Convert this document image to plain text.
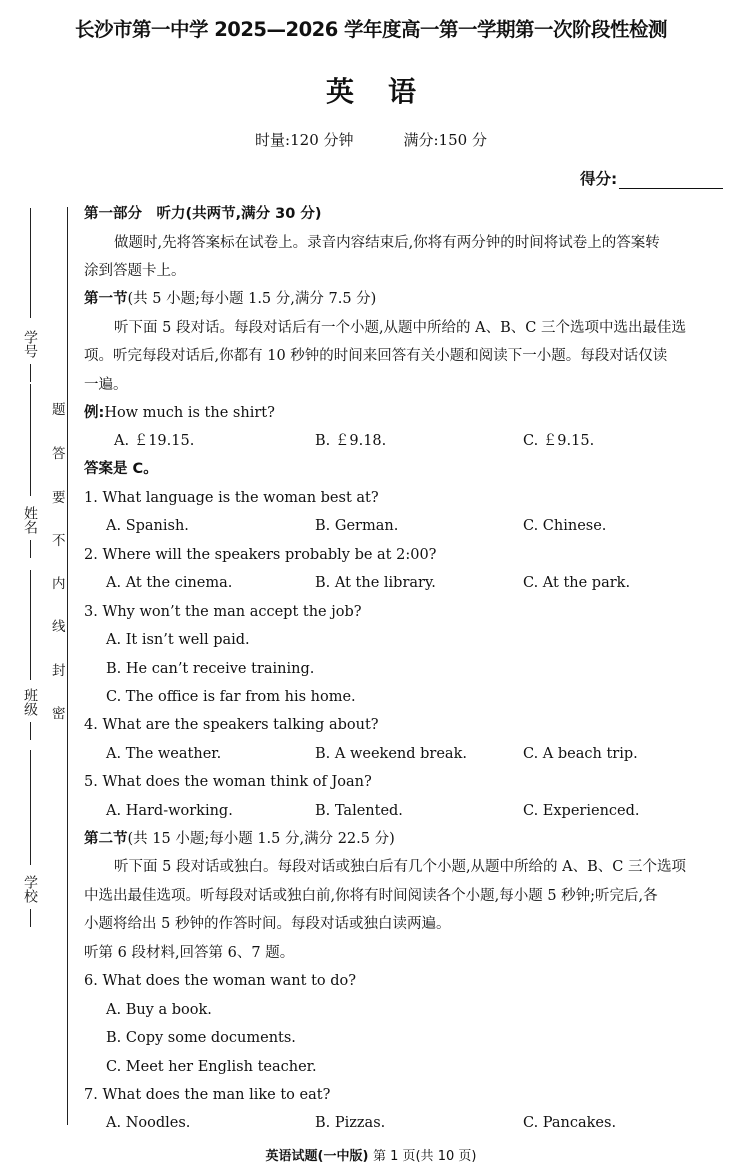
长沙市第一中学 2025—2026 学年度高一第一学期第一次阶段性检测
英语
时量:120 分钟	满分:150 分
得分:
学号
姓名
班级
学校
题
答
要
不
内
线
封
密
第一部分　听力(共两节,满分 30 分)
做题时,先将答案标在试卷上。录音内容结束后,你将有两分钟的时间将试卷上的答案转
涂到答题卡上。
第一节(共 5 小题;每小题 1.5 分,满分 7.5 分)
听下面 5 段对话。每段对话后有一个小题,从题中所给的 A、B、C 三个选项中选出最佳选
项。听完每段对话后,你都有 10 秒钟的时间来回答有关小题和阅读下一小题。每段对话仅读
一遍。
例:How much is the shirt?
A. ￡19.15.	B. ￡9.18.	C. ￡9.15.
答案是 C。
1. What language is the woman best at?
A. Spanish.	B. German.	C. Chinese.
2. Where will the speakers probably be at 2:00?
A. At the cinema.	B. At the library.	C. At the park.
3. Why won’t the man accept the job?
A. It isn’t well paid.
B. He can’t receive training.
C. The office is far from his home.
4. What are the speakers talking about?
A. The weather.	B. A weekend break.	C. A beach trip.
5. What does the woman think of Joan?
A. Hard-working.	B. Talented.	C. Experienced.
第二节(共 15 小题;每小题 1.5 分,满分 22.5 分)
听下面 5 段对话或独白。每段对话或独白后有几个小题,从题中所给的 A、B、C 三个选项
中选出最佳选项。听每段对话或独白前,你将有时间阅读各个小题,每小题 5 秒钟;听完后,各
小题将给出 5 秒钟的作答时间。每段对话或独白读两遍。
听第 6 段材料,回答第 6、7 题。
6. What does the woman want to do?
A. Buy a book.
B. Copy some documents.
C. Meet her English teacher.
7. What does the man like to eat?
A. Noodles.	B. Pizzas.	C. Pancakes.
英语试题(一中版) 第 1 页(共 10 页)
